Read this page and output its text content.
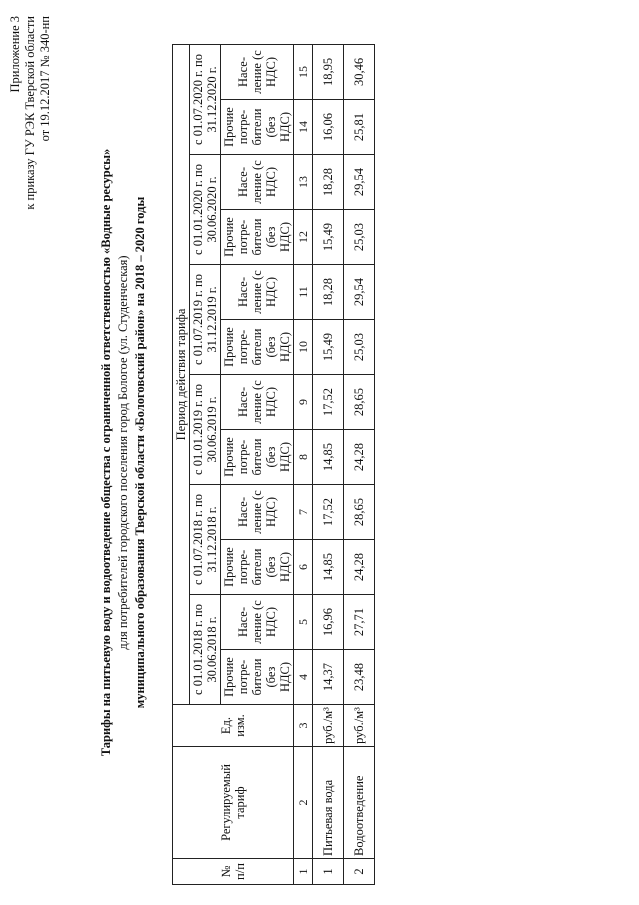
Приложение 3 к приказу ГУ РЭК Тверской области от 19.12.2017 № 340-нп
Тарифы на питьевую воду и водоотведение общества с ограниченной ответственностью «Водные ресурсы» для потребителей городского поселения город Бологое (ул. Студенческая) муниципального образования Тверской области «Бологовский район» на 2018 – 2020 годы
№ п/п	Регулируемый тариф	Ед. изм.	Период действия тарифа											
			с 01.01.2018 г. по 30.06.2018 г.		с 01.07.2018 г. по 31.12.2018 г.		с 01.01.2019 г. по 30.06.2019 г.		с 01.07.2019 г. по 31.12.2019 г.		с 01.01.2020 г. по 30.06.2020 г.		с 01.07.2020 г. по 31.12.2020 г.	
			Прочие потре-бители (без НДС)	Насе-ление (с НДС)	Прочие потре-бители (без НДС)	Насе-ление (с НДС)	Прочие потре-бители (без НДС)	Насе-ление (с НДС)	Прочие потре-бители (без НДС)	Насе-ление (с НДС)	Прочие потре-бители (без НДС)	Насе-ление (с НДС)	Прочие потре-бители (без НДС)	Насе-ление (с НДС)
1	2	3	4	5	6	7	8	9	10	11	12	13	14	15
1	Питьевая вода	руб./м³	14,37	16,96	14,85	17,52	14,85	17,52	15,49	18,28	15,49	18,28	16,06	18,95
2	Водоотведение	руб./м³	23,48	27,71	24,28	28,65	24,28	28,65	25,03	29,54	25,03	29,54	25,81	30,46
